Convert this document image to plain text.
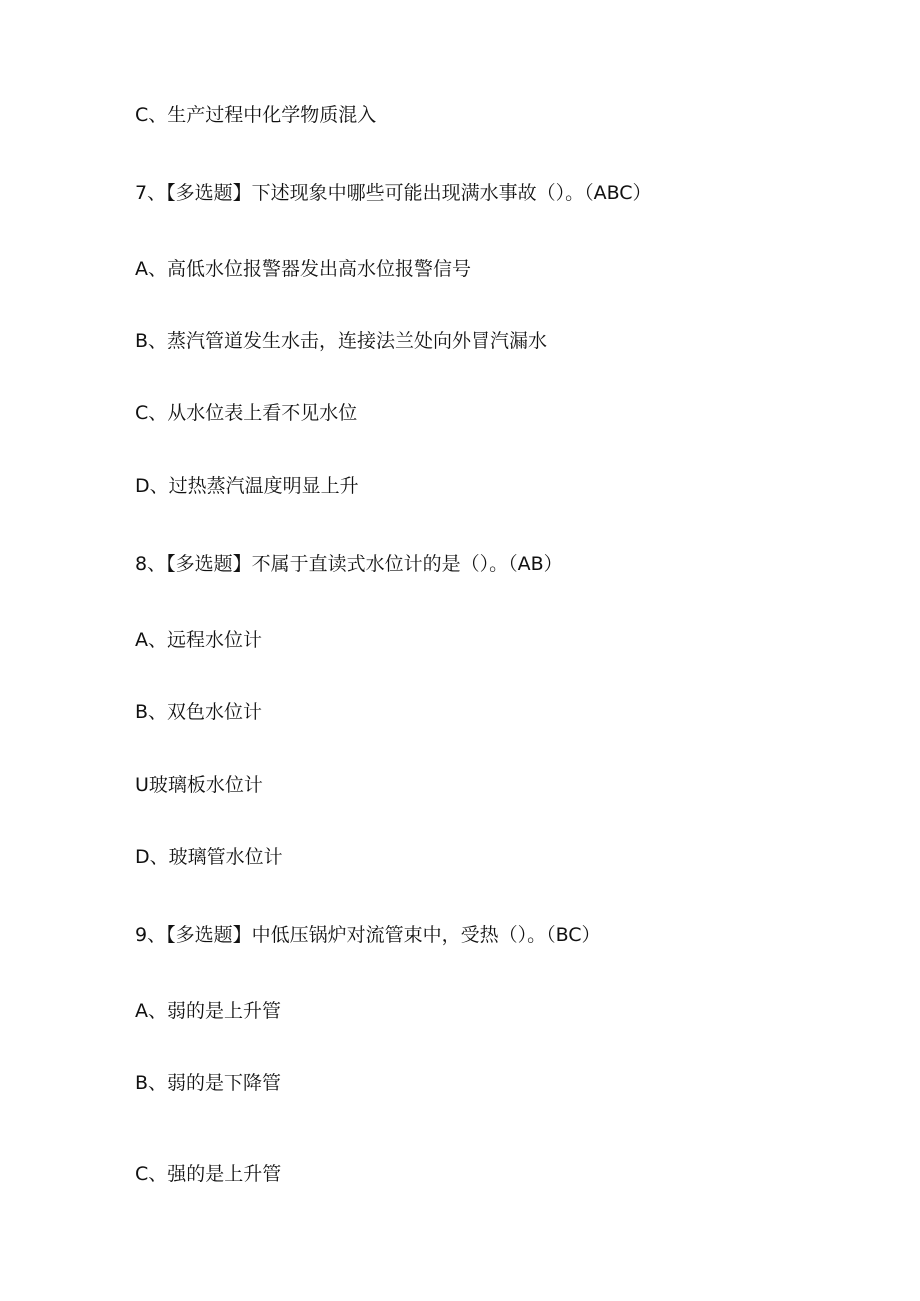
C、生产过程中化学物质混入
7、【多选题】下述现象中哪些可能出现满水事故（）。（ABC）
A、高低水位报警器发出高水位报警信号
B、蒸汽管道发生水击，连接法兰处向外冒汽漏水
C、从水位表上看不见水位
D、过热蒸汽温度明显上升
8、【多选题】不属于直读式水位计的是（）。（AB）
A、远程水位计
B、双色水位计
U玻璃板水位计
D、玻璃管水位计
9、【多选题】中低压锅炉对流管束中，受热（）。（BC）
A、弱的是上升管
B、弱的是下降管
C、强的是上升管
